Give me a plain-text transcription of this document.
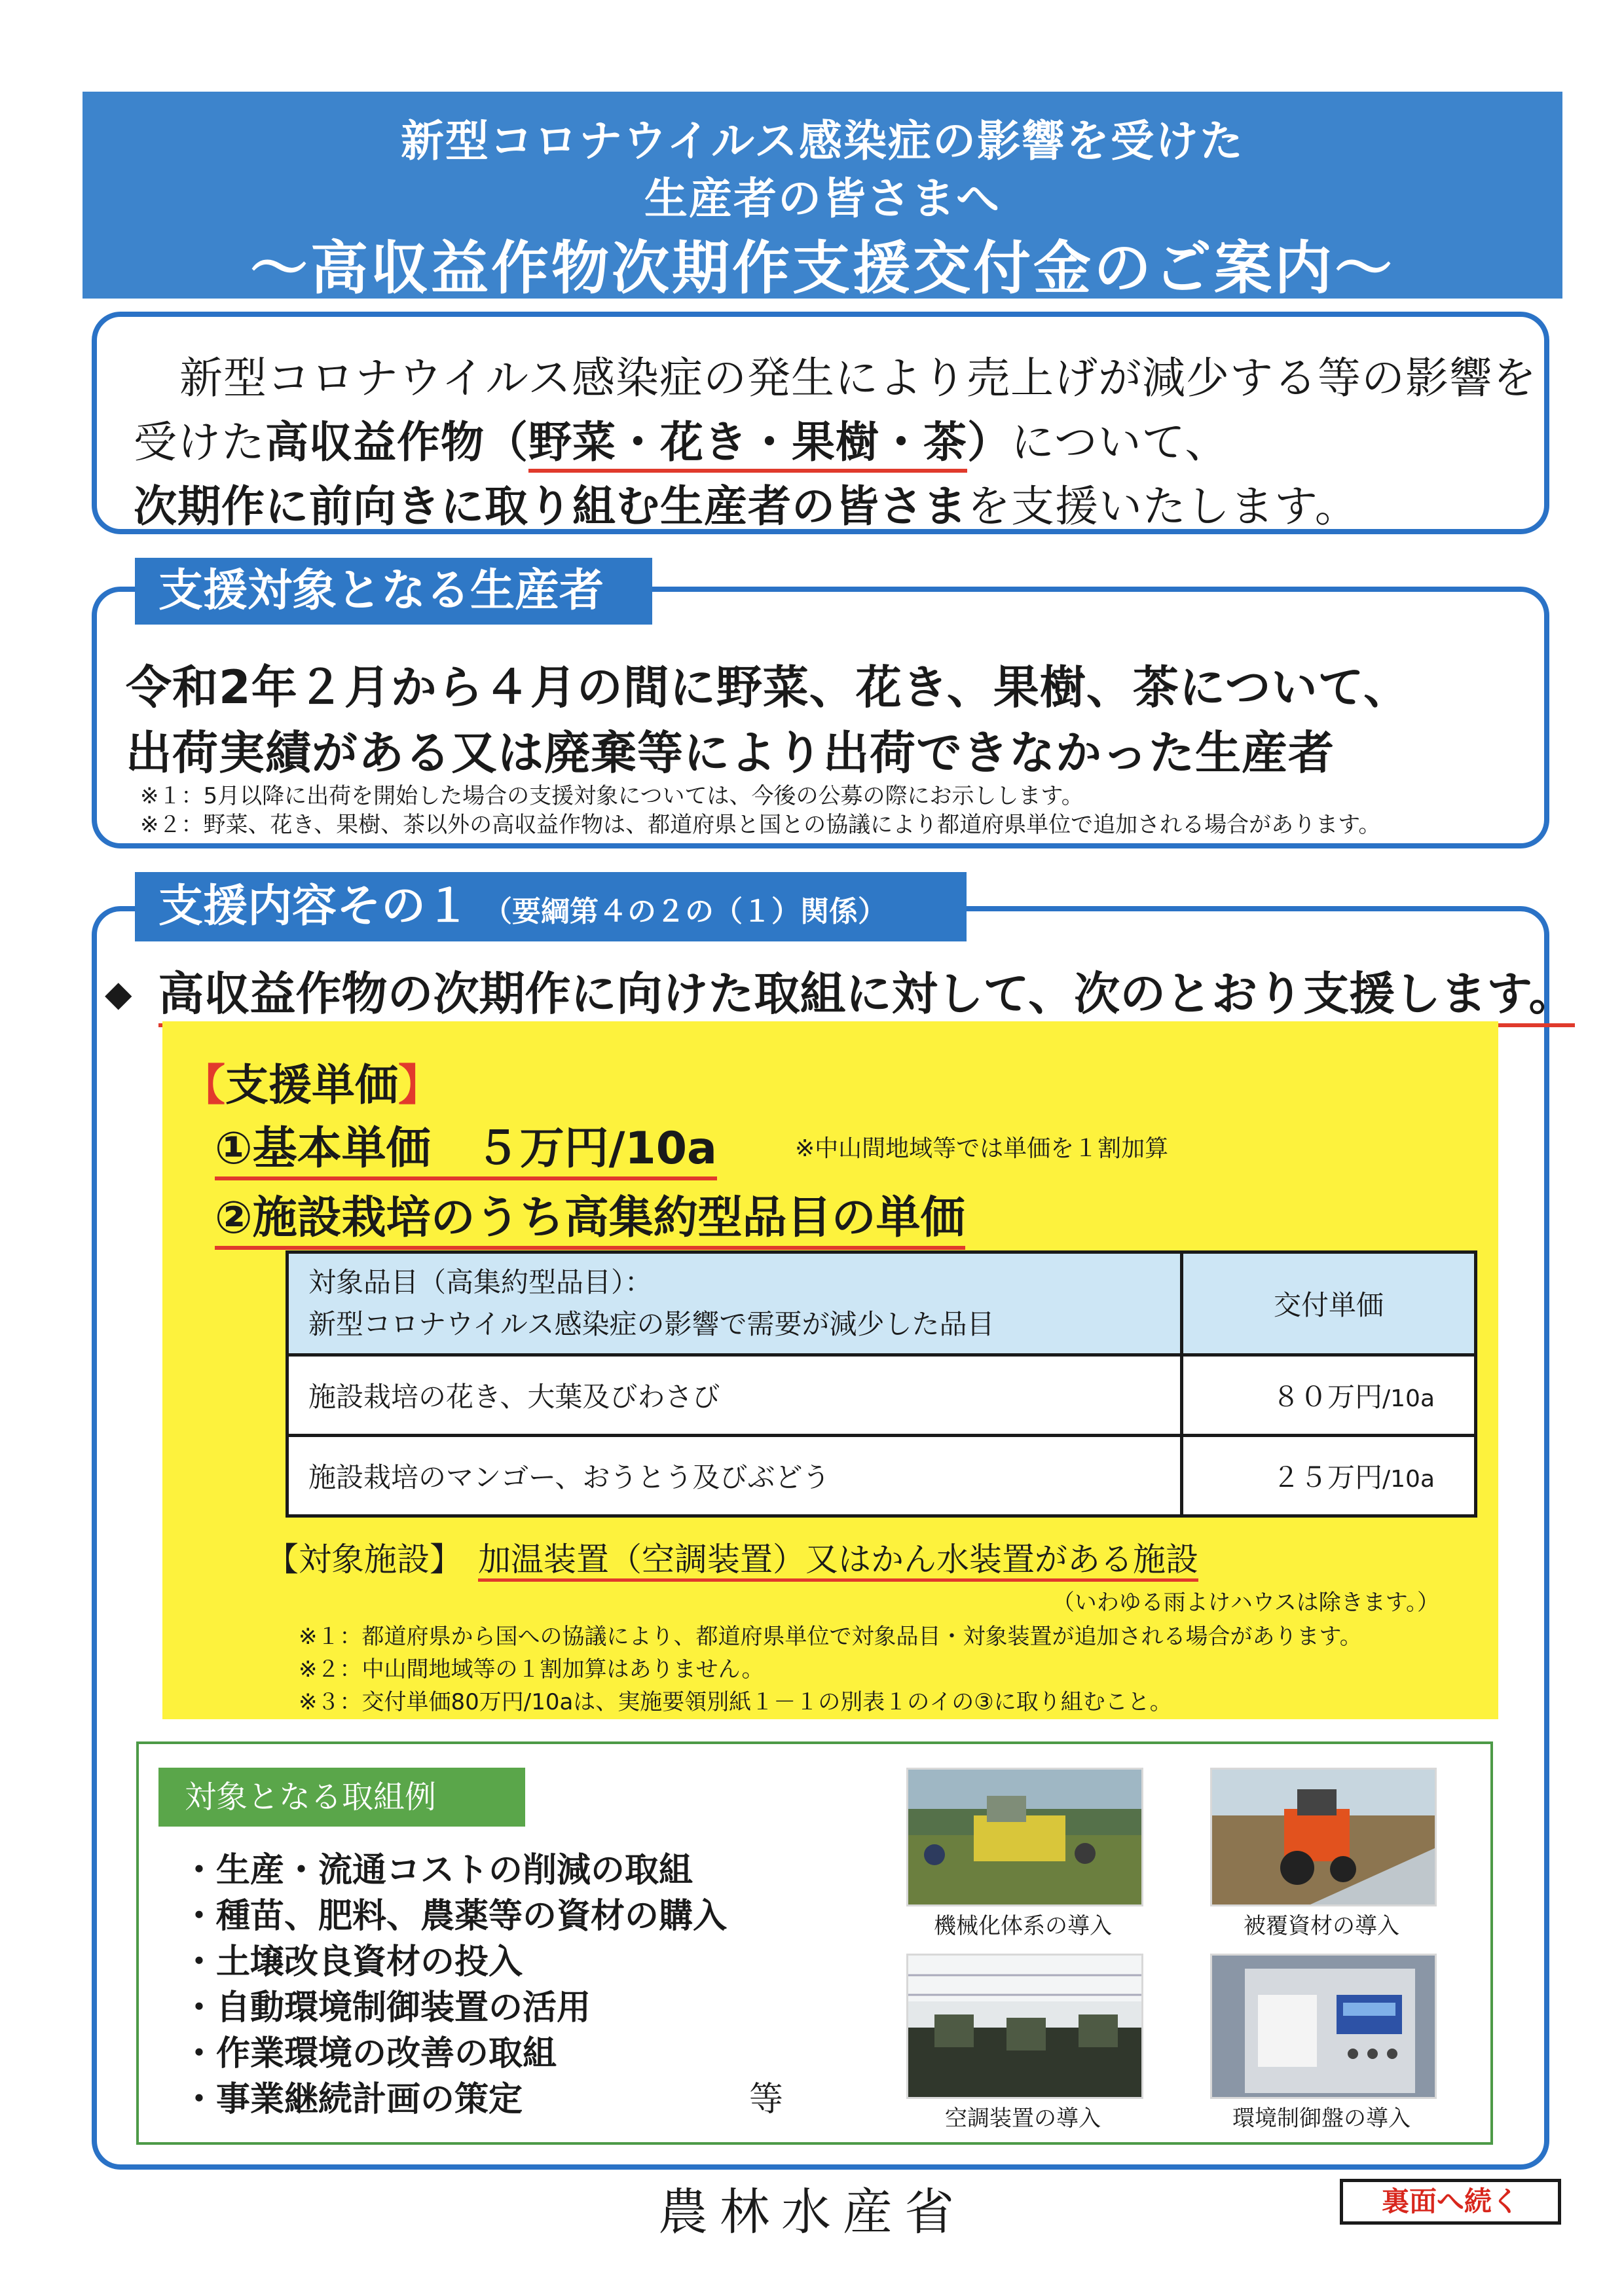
新型コロナウイルス感染症の影響を受けた
生産者の皆さまへ
～高収益作物次期作支援交付金のご案内～
新型コロナウイルス感染症の発生により売上げが減少する等の影響を
受けた高収益作物（野菜・花き・果樹・茶）について、
次期作に前向きに取り組む生産者の皆さまを支援いたします。
令和2年２月から４月の間に野菜、花き、果樹、茶について、
出荷実績がある又は廃棄等により出荷できなかった生産者
※１：5月以降に出荷を開始した場合の支援対象については、今後の公募の際にお示しします。
※２：野菜、花き、果樹、茶以外の高収益作物は、都道府県と国との協議により都道府県単位で追加される場合があります。
支援対象となる生産者
支援内容その１ （要綱第４の２の（１）関係）
◆ 高収益作物の次期作に向けた取組に対して、次のとおり支援します。
【支援単価】
①基本単価　５万円/10a	※中山間地域等では単価を１割加算
②施設栽培のうち高集約型品目の単価
対象品目（高集約型品目）：
新型コロナウイルス感染症の影響で需要が減少した品目	交付単価
施設栽培の花き、大葉及びわさび	８０万円/10a
施設栽培のマンゴー、おうとう及びぶどう	２５万円/10a
【対象施設】 加温装置（空調装置）又はかん水装置がある施設
（いわゆる雨よけハウスは除きます。）
※１：都道府県から国への協議により、都道府県単位で対象品目・対象装置が追加される場合があります。
※２：中山間地域等の１割加算はありません。
※３：交付単価80万円/10aは、実施要領別紙１－１の別表１のイの③に取り組むこと。
対象となる取組例
・生産・流通コストの削減の取組
・種苗、肥料、農薬等の資材の購入
・土壌改良資材の投入
・自動環境制御装置の活用
・作業環境の改善の取組
・事業継続計画の策定	等
機械化体系の導入	被覆資材の導入
空調装置の導入	環境制御盤の導入
農林水産省	裏面へ続く
